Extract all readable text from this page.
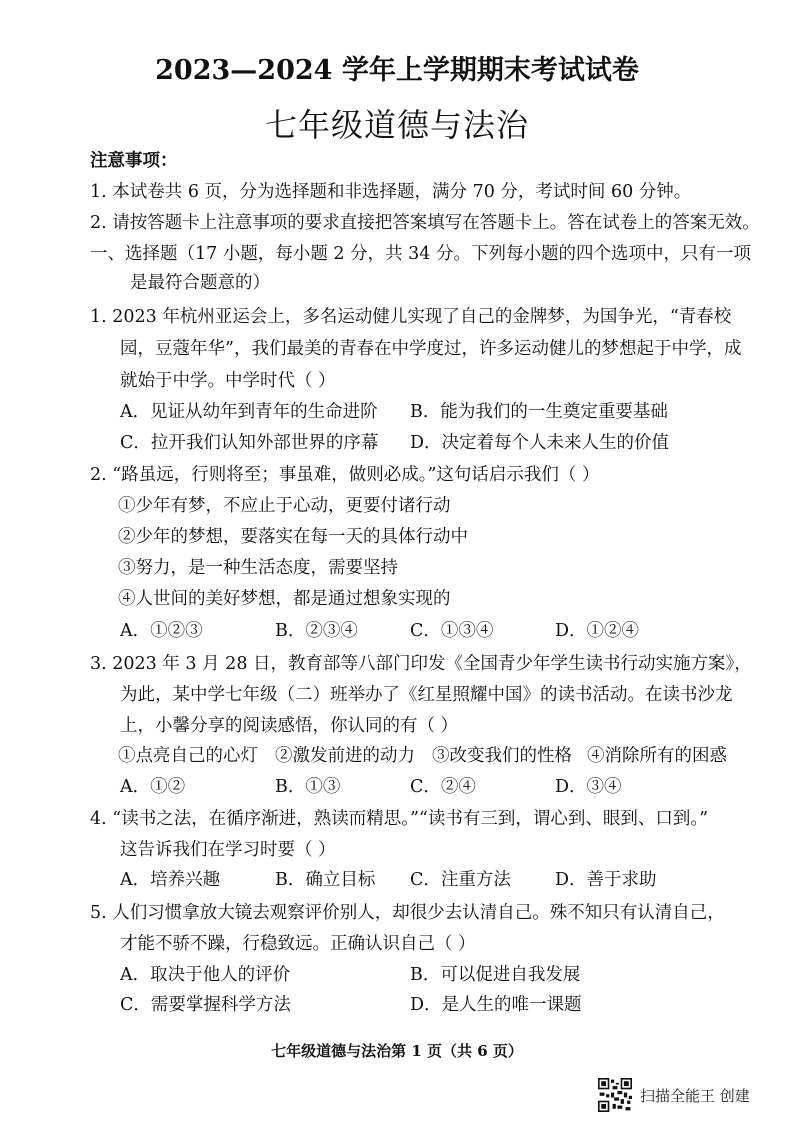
2023—2024 学年上学期期末考试试卷
七年级道德与法治
注意事项：
1. 本试卷共 6 页，分为选择题和非选择题，满分 70 分，考试时间 60 分钟。
2. 请按答题卡上注意事项的要求直接把答案填写在答题卡上。答在试卷上的答案无效。
一、选择题（17 小题，每小题 2 分，共 34 分。下列每小题的四个选项中，只有一项
是最符合题意的）
1. 2023 年杭州亚运会上，多名运动健儿实现了自己的金牌梦，为国争光，“青春校
园，豆蔻年华”，我们最美的青春在中学度过，许多运动健儿的梦想起于中学，成
就始于中学。中学时代（ ）
A．见证从幼年到青年的生命进阶 B．能为我们的一生奠定重要基础
C．拉开我们认知外部世界的序幕 D．决定着每个人未来人生的价值
2. “路虽远，行则将至；事虽难，做则必成。”这句话启示我们（ ）
①少年有梦，不应止于心动，更要付诸行动
②少年的梦想，要落实在每一天的具体行动中
③努力，是一种生活态度，需要坚持
④人世间的美好梦想，都是通过想象实现的
A．①②③	B．②③④	C．①③④	D．①②④
3. 2023 年 3 月 28 日，教育部等八部门印发《全国青少年学生读书行动实施方案》，
为此，某中学七年级（二）班举办了《红星照耀中国》的读书活动。在读书沙龙
上，小馨分享的阅读感悟，你认同的有（ ）
①点亮自己的心灯 ②激发前进的动力 ③改变我们的性格 ④消除所有的困惑
A．①②	B．①③	C．②④	D．③④
4. “读书之法，在循序渐进，熟读而精思。”“读书有三到，谓心到、眼到、口到。”
这告诉我们在学习时要（ ）
A．培养兴趣	B．确立目标 C．注重方法	D．善于求助
5. 人们习惯拿放大镜去观察评价别人，却很少去认清自己。殊不知只有认清自己，
才能不骄不躁，行稳致远。正确认识自己（ ）
A．取决于他人的评价	B．可以促进自我发展
C．需要掌握科学方法	D．是人生的唯一课题
七年级道德与法治第 1 页（共 6 页）
扫描全能王 创建
